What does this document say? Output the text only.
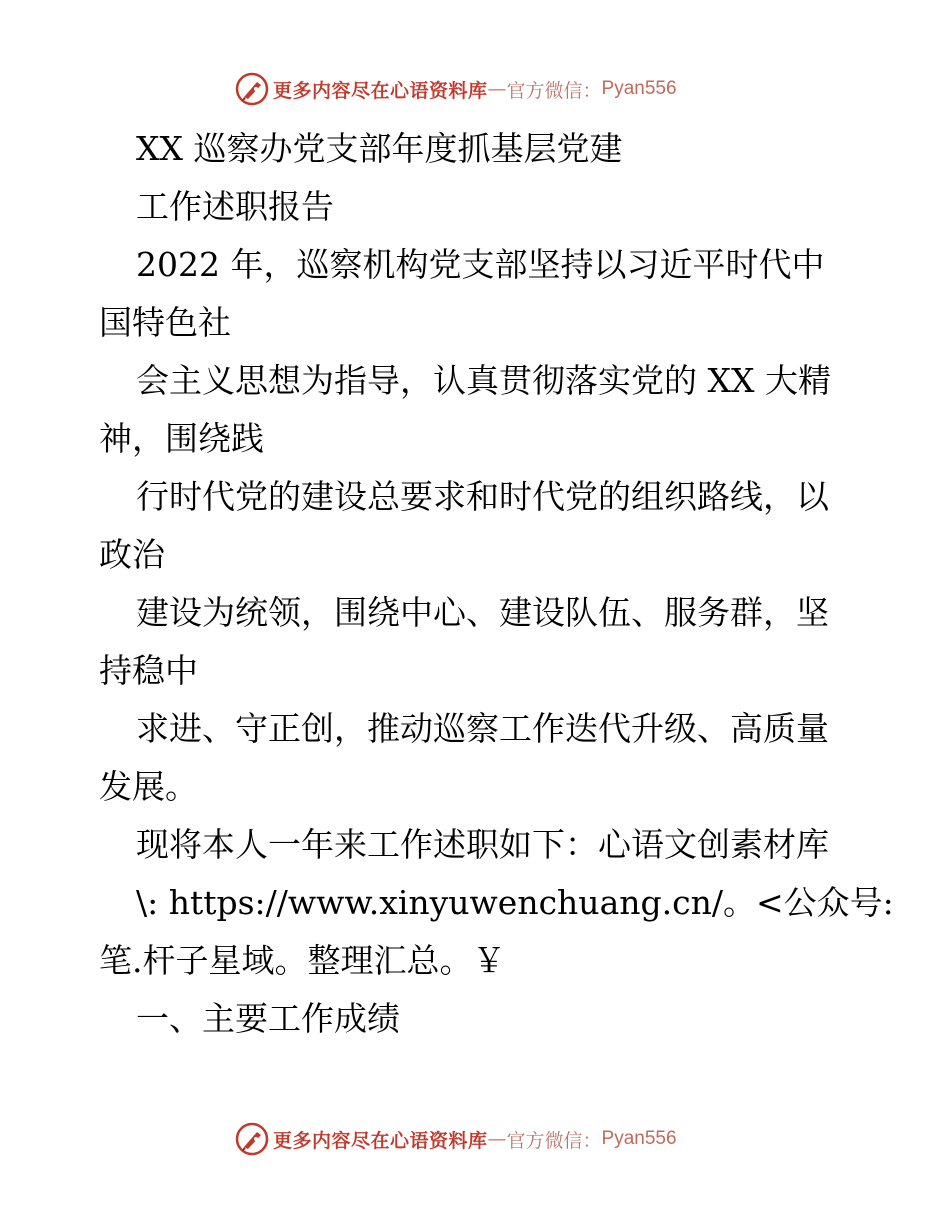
更多内容尽在心语资料库 — 官方微信： Pyan556
XX 巡察办党支部年度抓基层党建
工作述职报告
2022 年，巡察机构党支部坚持以习近平时代中
国特色社
会主义思想为指导，认真贯彻落实党的 XX 大精
神，围绕践
行时代党的建设总要求和时代党的组织路线，以
政治
建设为统领，围绕中心、建设队伍、服务群，坚
持稳中
求进、守正创，推动巡察工作迭代升级、高质量
发展。
现将本人一年来工作述职如下：心语文创素材库
\: https://www.xinyuwenchuang.cn/。<公众号:
笔.杆子星域。整理汇总。￥
一、主要工作成绩
更多内容尽在心语资料库 — 官方微信： Pyan556
